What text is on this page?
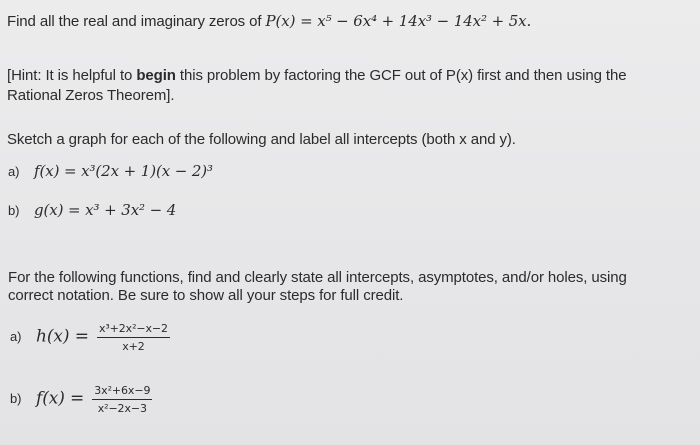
Find all the real and imaginary zeros of P(x) = x⁵ − 6x⁴ + 14x³ − 14x² + 5x.
[Hint: It is helpful to begin this problem by factoring the GCF out of P(x) first and then using the
Rational Zeros Theorem].
Sketch a graph for each of the following and label all intercepts (both x and y).
a) f(x) = x³(2x + 1)(x − 2)³
b) g(x) = x³ + 3x² − 4
For the following functions, find and clearly state all intercepts, asymptotes, and/or holes, using
correct notation. Be sure to show all your steps for full credit.
a) $h(x) = \frac{\text{x³+2x²−x−2}}{x+2}$
b) $f(x) = \frac{\text{3x²+6x−9}}{\text{x²−2x−3}}$
